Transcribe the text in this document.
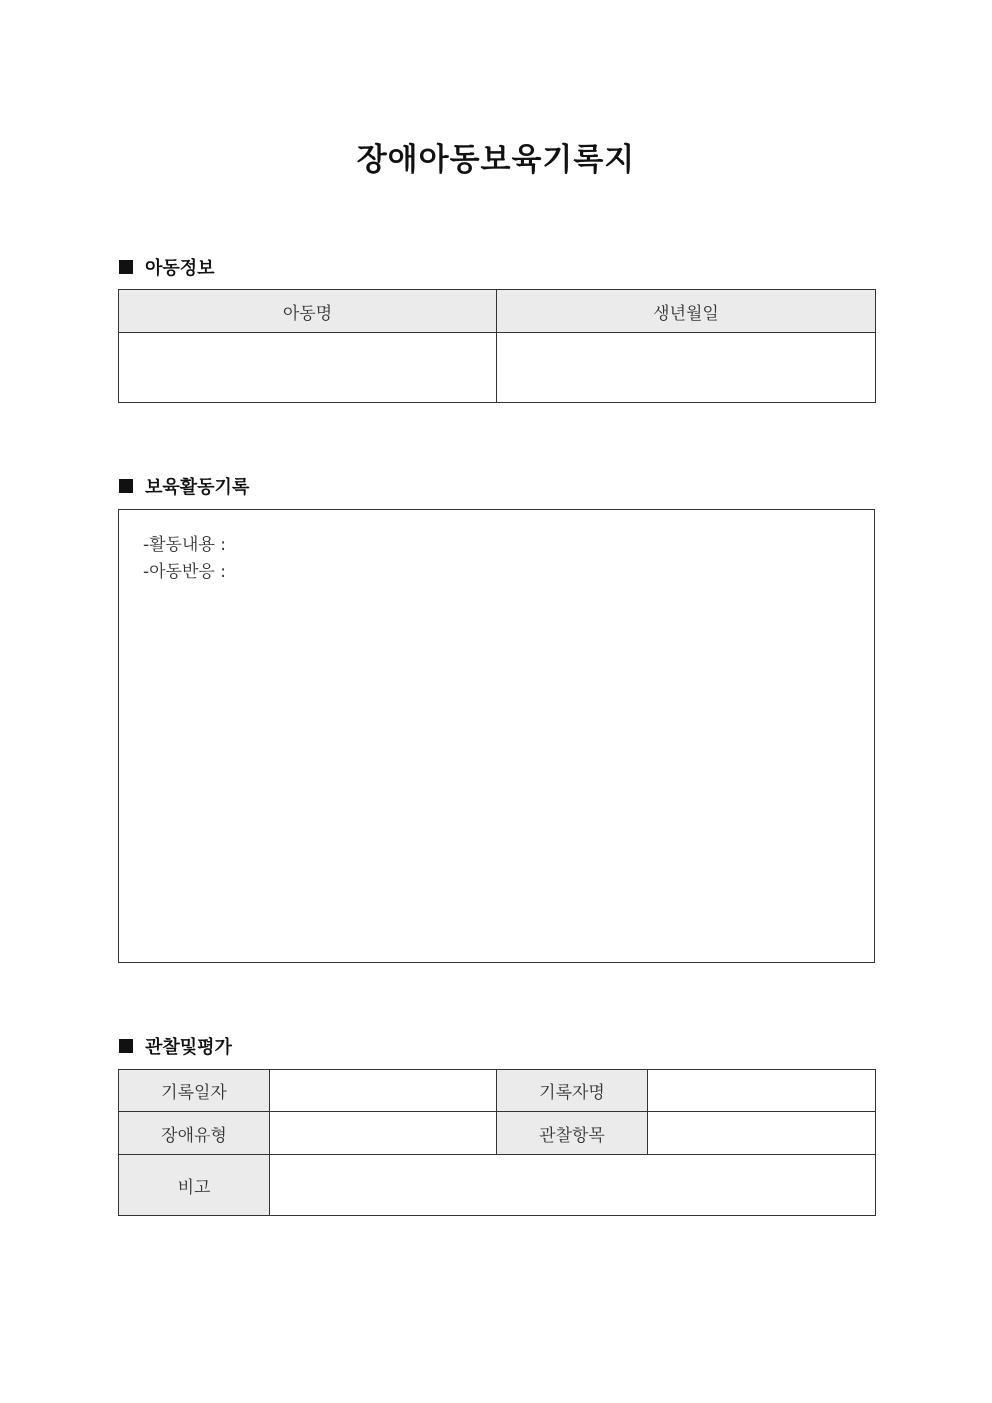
장애아동보육기록지
아동정보
아동명	생년월일

보육활동기록
-활동내용 :
-아동반응 :
관찰및평가
기록일자		기록자명	
장애유형		관찰항목	
비고			
